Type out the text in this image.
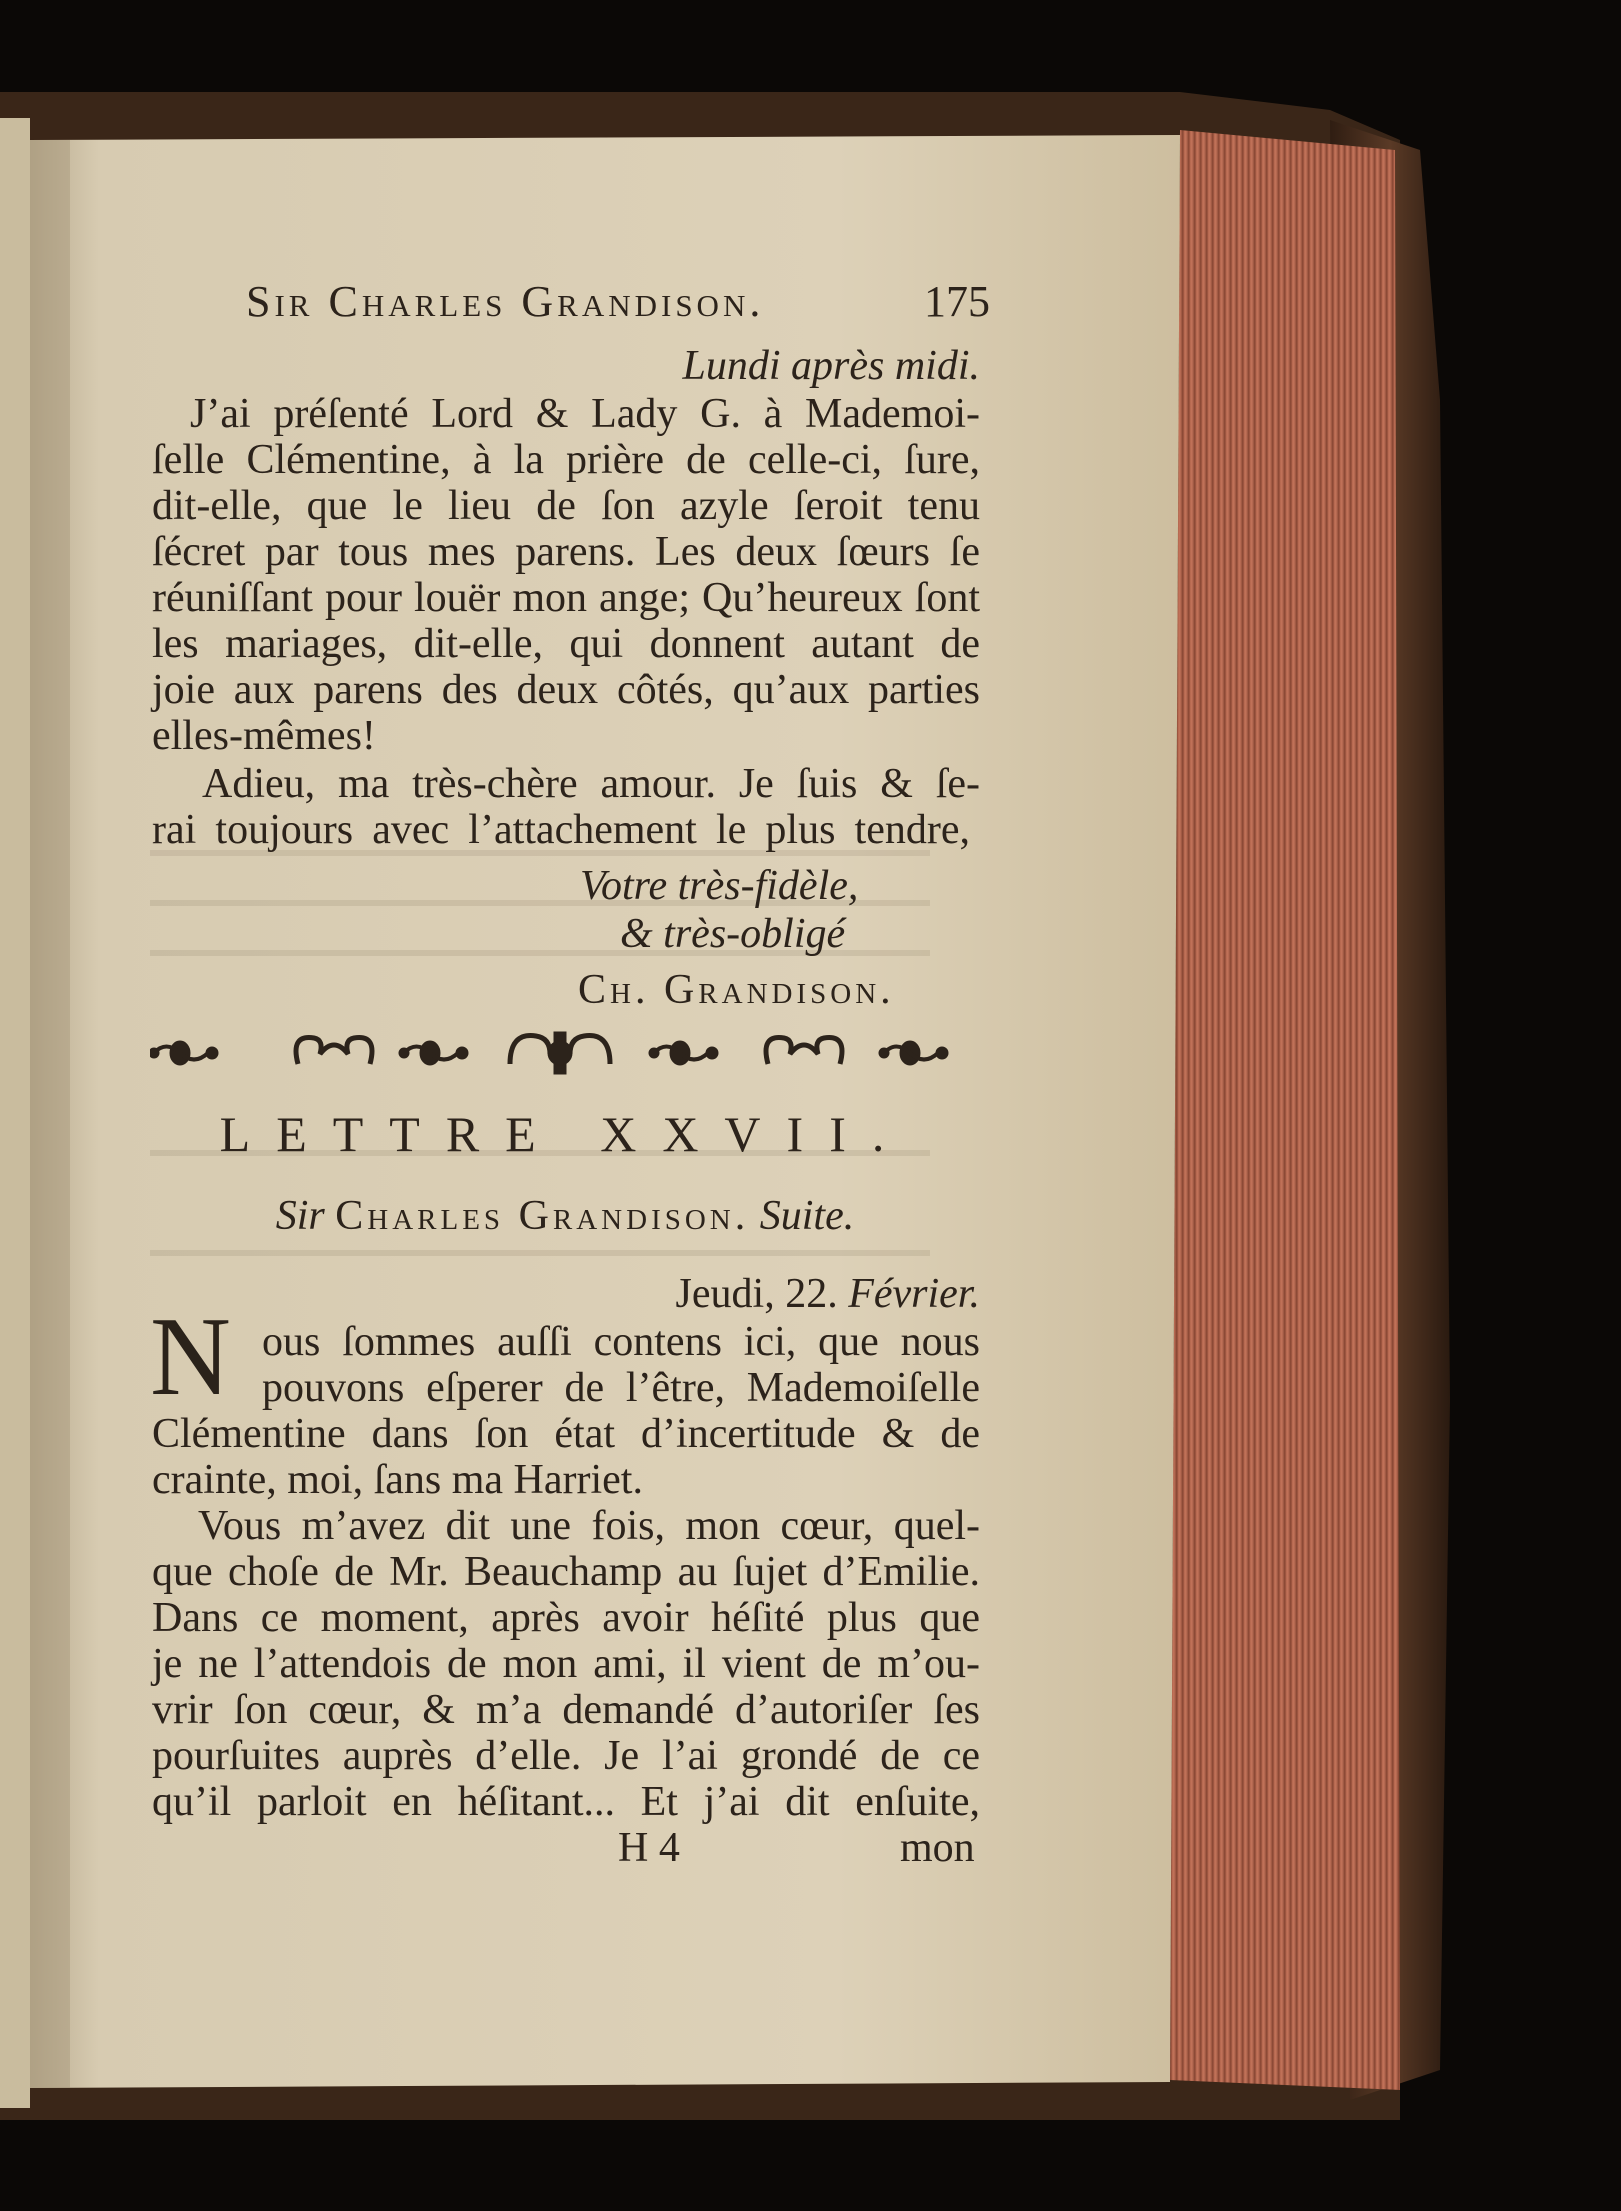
Sir Charles Grandison.	175

Lundi après midi.

J’ai préſenté Lord & Lady G. à Mademoi-

ſelle Clémentine, à la prière de celle-ci, ſure,

dit-elle, que le lieu de ſon azyle ſeroit tenu

ſécret par tous mes parens. Les deux ſœurs ſe

réuniſſant pour louër mon ange; Qu’heureux ſont

les mariages, dit-elle, qui donnent autant de

joie aux parens des deux côtés, qu’aux parties

elles-mêmes!

Adieu, ma très-chère amour. Je ſuis & ſe-

rai toujours avec l’attachement le plus tendre,

Votre très-fidèle,

& très-obligé

Ch. Grandison.

LETTRE XXVII.

Sir Charles Grandison. Suite.

Jeudi, 22. Février.

N ous ſommes auſſi contens ici, que nous

pouvons eſperer de l’être, Mademoiſelle

Clémentine dans ſon état d’incertitude & de

crainte, moi, ſans ma Harriet.

Vous m’avez dit une fois, mon cœur, quel-

que choſe de Mr. Beauchamp au ſujet d’Emilie.

Dans ce moment, après avoir héſité plus que

je ne l’attendois de mon ami, il vient de m’ou-

vrir ſon cœur, & m’a demandé d’autoriſer ſes

pourſuites auprès d’elle. Je l’ai grondé de ce

qu’il parloit en héſitant... Et j’ai dit enſuite,

H 4	mon
